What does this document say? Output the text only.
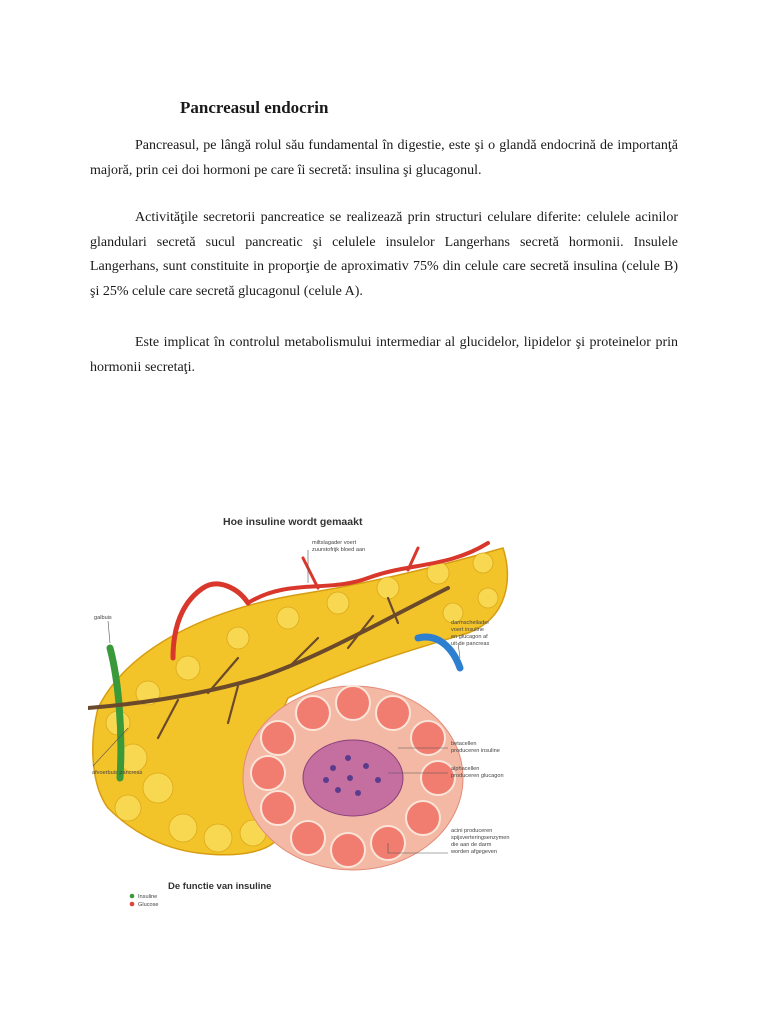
Pancreasul endocrin

Pancreasul, pe lângă rolul său fundamental în digestie, este şi o glandă endocrină de importanţă majoră, prin cei doi hormoni pe care îi secretă: insulina şi glucagonul.

Activităţile secretorii pancreatice se realizează prin structuri celulare diferite: celulele acinilor glandulari secretă sucul pancreatic şi celulele insulelor Langerhans secretă hormonii. Insulele Langerhans, sunt constituite in proporţie de aproximativ 75% din celule care secretă insulina (celule B) şi 25% celule care secretă glucagonul (celule A).

Este implicat în controlul metabolismului intermediar al glucidelor, lipidelor şi proteinelor prin hormonii secretaţi.

Hoe insuline wordt gemaakt
miltslagader voert
zuurstofrijk bloed aan
galbuis
darmscheilader
voert insuline
en glucagon af
uit de pancreas
betacellen
produceren insuline
alphacellen
produceren glucagon
afvoerbuis pancreas
acini produceren
spijsverteringsenzymen
die aan de darm
worden afgegeven
De functie van insuline
Insuline
Glucose
